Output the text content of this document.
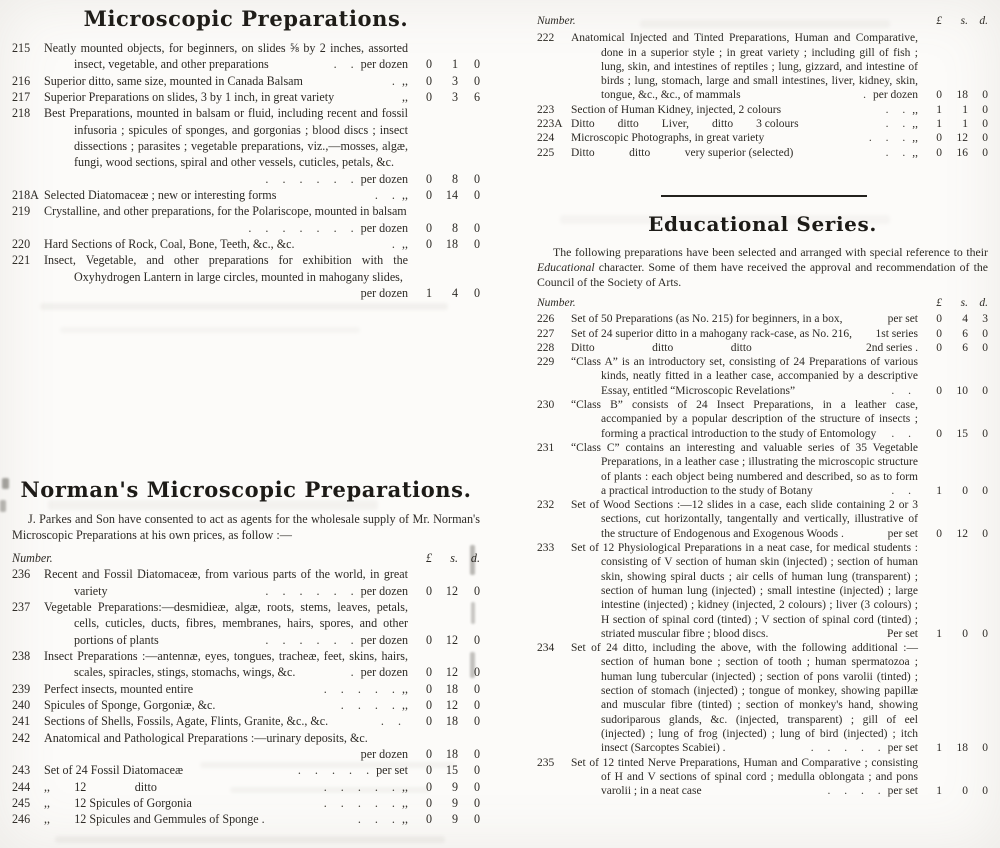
Microscopic Preparations.
215	Neatly mounted objects, for beginners, on slides ⅝ by 2 inches, assorted insect, vegetable, and other preparations	. . per dozen	0	1	0
216	Superior ditto, same size, mounted in Canada Balsam	. ,,	0	3	0
217	Superior Preparations on slides, 3 by 1 inch, in great variety	,,	0	3	6
218	Best Preparations, mounted in balsam or fluid, including recent and fossil infusoria ; spicules of sponges, and gorgonias ; blood discs ; insect dissections ; parasites ; vegetable preparations, viz.,—mosses, algæ, fungi, wood sections, spiral and other vessels, cuticles, petals, &c.
. . . . . . per dozen	0	8	0
218A Selected Diatomaceæ ; new or interesting forms	. . ,,	0	14	0
219	Crystalline, and other preparations, for the Polariscope, mounted in balsam
. . . . . . . per dozen	0	8	0
220	Hard Sections of Rock, Coal, Bone, Teeth, &c., &c.	. ,,	0	18	0
221	Insect, Vegetable, and other preparations for exhibition with the Oxyhydrogen Lantern in large circles, mounted in mahogany slides,
per dozen	1	4	0
Norman's Microscopic Preparations.

J. Parkes and Son have consented to act as agents for the wholesale supply of Mr. Norman's Microscopic Preparations at his own prices, as follow :—

Number.	£	s.	d.
236	Recent and Fossil Diatomaceæ, from various parts of the world, in great variety	. . . . . . per dozen	0	12	0
237	Vegetable Preparations:—desmidieæ, algæ, roots, stems, leaves, petals, cells, cuticles, ducts, fibres, membranes, hairs, spores, and other portions of plants	. . . . . . per dozen	0	12	0
238	Insect Preparations :—antennæ, eyes, tongues, tracheæ, feet, skins, hairs, scales, spiracles, stings, stomachs, wings, &c.	. per dozen	0	12	0
239	Perfect insects, mounted entire	. . . . . ,,	0	18	0
240	Spicules of Sponge, Gorgoniæ, &c.	. . . . ,,	0	12	0
241	Sections of Shells, Fossils, Agate, Flints, Granite, &c., &c.	. .	0	18	0
242	Anatomical and Pathological Preparations :—urinary deposits, &c.
per dozen	0	18	0
243	Set of 24 Fossil Diatomaceæ	. . . . . per set	0	15	0
244	,,  12    ditto	. . . . . ,,	0	9	0
245	,,  12 Spicules of Gorgonia	. . . . . ,,	0	9	0
246	,,  12 Spicules and Gemmules of Sponge .	. . . ,,	0	9	0
Number.	£	s. d.
222	Anatomical Injected and Tinted Preparations, Human and Comparative, done in a superior style ; in great variety ; including gill of fish ; lung, skin, and intestines of reptiles ; lung, gizzard, and intestine of birds ; lung, stomach, large and small intestines, liver, kidney, skin, tongue, &c., &c., of mammals	. per dozen	0	18	0
223	Section of Human Kidney, injected, 2 colours	. . ,,	1	1	0
223A Ditto  ditto  Liver,  ditto  3 colours	. . ,,	1	1	0
224	Microscopic Photographs, in great variety	. . . ,,	0	12	0
225	Ditto   ditto   very superior (selected)	. . ,,	0	16	0
Educational Series.

The following preparations have been selected and arranged with special reference to their Educational character. Some of them have received the approval and recommendation of the Council of the Society of Arts.

Number.	£	s. d.
226	Set of 50 Preparations (as No. 215) for beginners, in a box,	per set	0	4	3
227	Set of 24 superior ditto in a mahogany rack-case, as No. 216,	1st series	0	6	0
228	Ditto     ditto     ditto	2nd series .	0	6	0
229	“Class A” is an introductory set, consisting of 24 Preparations of various kinds, neatly fitted in a leather case, accompanied by a descriptive Essay, entitled “Microscopic Revelations”	. .	0	10	0
230	“Class B” consists of 24 Insect Preparations, in a leather case, accompanied by a popular description of the structure of insects ; forming a practical introduction to the study of Entomology	. .	0	15	0
231	“Class C” contains an interesting and valuable series of 35 Vegetable Preparations, in a leather case ; illustrating the microscopic structure of plants : each object being numbered and described, so as to form a practical introduction to the study of Botany	. .	1	0	0
232	Set of Wood Sections :—12 slides in a case, each slide containing 2 or 3 sections, cut horizontally, tangentally and vertically, illustrative of the structure of Endogenous and Exogenous Woods .	per set	0	12	0
233	Set of 12 Physiological Preparations in a neat case, for medical students : consisting of V section of human skin (injected) ; section of human skin, showing spiral ducts ; air cells of human lung (transparent) ; section of human lung (injected) ; small intestine (injected) ; large intestine (injected) ; kidney (injected, 2 colours) ; liver (3 colours) ; H section of spinal cord (tinted) ; V section of spinal cord (tinted) ; striated muscular fibre ; blood discs.	Per set	1	0	0
234	Set of 24 ditto, including the above, with the following additional :— section of human bone ; section of tooth ; human spermatozoa ; human lung tubercular (injected) ; section of pons varolii (tinted) ; section of stomach (injected) ; tongue of monkey, showing papillæ and muscular fibre (tinted) ; section of monkey's hand, showing sudoriparous glands, &c. (injected, transparent) ; gill of eel (injected) ; lung of frog (injected) ; lung of bird (injected) ; itch insect (Sarcoptes Scabiei) .	. . . . . per set	1	18	0
235	Set of 12 tinted Nerve Preparations, Human and Comparative ; consisting of H and V sections of spinal cord ; medulla oblongata ; and pons varolii ; in a neat case	. . . . per set	1	0	0
